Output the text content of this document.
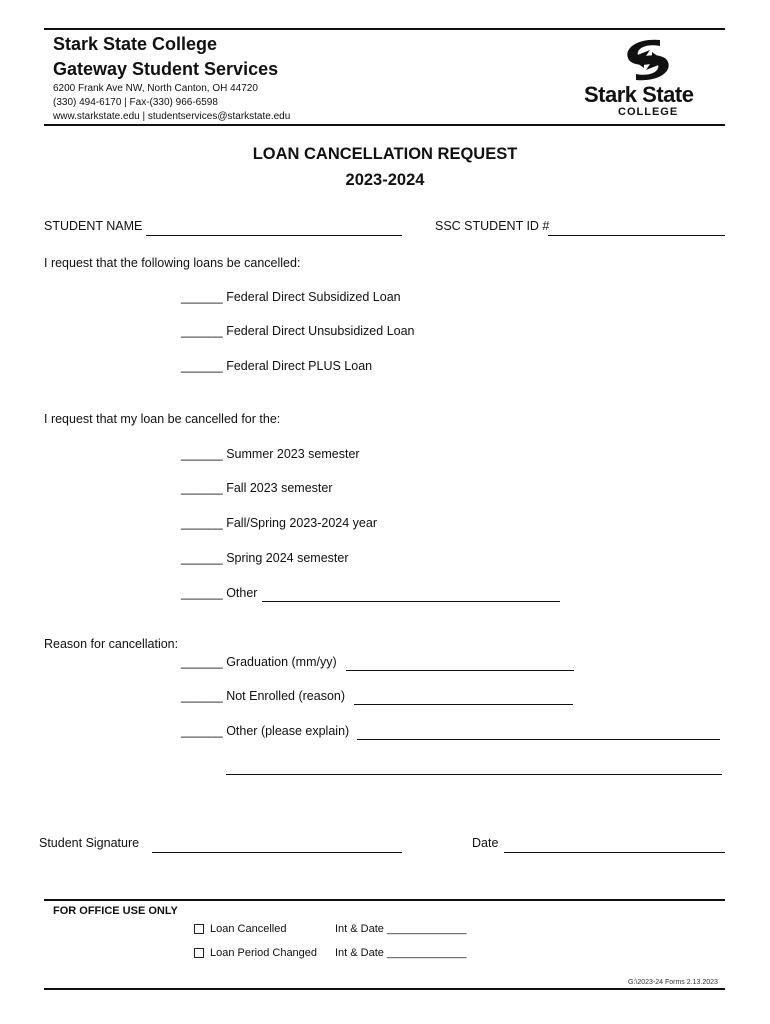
Stark State College
Gateway Student Services
6200 Frank Ave NW, North Canton, OH 44720
(330) 494-6170 | Fax-(330) 966-6598
www.starkstate.edu | studentservices@starkstate.edu
Stark State
COLLEGE
LOAN CANCELLATION REQUEST
2023-2024
STUDENT NAME	SSC STUDENT ID #
I request that the following loans be cancelled:
______ Federal Direct Subsidized Loan
______ Federal Direct Unsubsidized Loan
______ Federal Direct PLUS Loan
I request that my loan be cancelled for the:
______ Summer 2023 semester
______ Fall 2023 semester
______ Fall/Spring 2023-2024 year
______ Spring 2024 semester
______ Other
Reason for cancellation:
______ Graduation (mm/yy)
______ Not Enrolled (reason)
______ Other (please explain)
Student Signature	Date
FOR OFFICE USE ONLY
Loan Cancelled	Int & Date _____________
Loan Period Changed Int & Date _____________
G:\2023-24 Forms 2.13.2023
